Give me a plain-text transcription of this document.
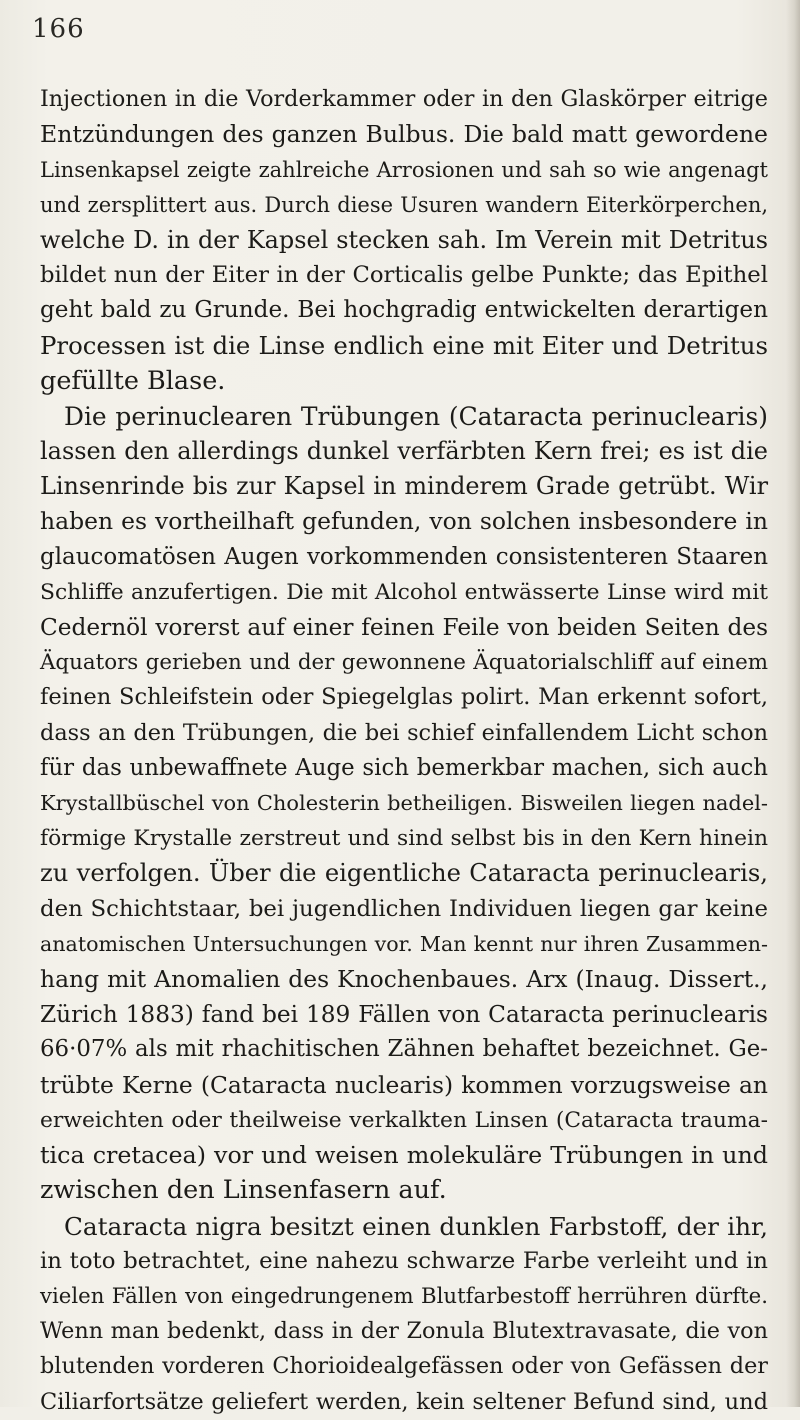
166
Injectionen in die Vorderkammer oder in den Glaskörper eitrige
Entzündungen des ganzen Bulbus. Die bald matt gewordene
Linsenkapsel zeigte zahlreiche Arrosionen und sah so wie angenagt
und zersplittert aus. Durch diese Usuren wandern Eiterkörperchen,
welche D. in der Kapsel stecken sah. Im Verein mit Detritus
bildet nun der Eiter in der Corticalis gelbe Punkte; das Epithel
geht bald zu Grunde. Bei hochgradig entwickelten derartigen
Processen ist die Linse endlich eine mit Eiter und Detritus
gefüllte Blase.
Die perinuclearen Trübungen (Cataracta perinuclearis)
lassen den allerdings dunkel verfärbten Kern frei; es ist die
Linsenrinde bis zur Kapsel in minderem Grade getrübt. Wir
haben es vortheilhaft gefunden, von solchen insbesondere in
glaucomatösen Augen vorkommenden consistenteren Staaren
Schliffe anzufertigen. Die mit Alcohol entwässerte Linse wird mit
Cedernöl vorerst auf einer feinen Feile von beiden Seiten des
Äquators gerieben und der gewonnene Äquatorialschliff auf einem
feinen Schleifstein oder Spiegelglas polirt. Man erkennt sofort,
dass an den Trübungen, die bei schief einfallendem Licht schon
für das unbewaffnete Auge sich bemerkbar machen, sich auch
Krystallbüschel von Cholesterin betheiligen. Bisweilen liegen nadel-
förmige Krystalle zerstreut und sind selbst bis in den Kern hinein
zu verfolgen. Über die eigentliche Cataracta perinuclearis,
den Schichtstaar, bei jugendlichen Individuen liegen gar keine
anatomischen Untersuchungen vor. Man kennt nur ihren Zusammen-
hang mit Anomalien des Knochenbaues. Arx (Inaug. Dissert.,
Zürich 1883) fand bei 189 Fällen von Cataracta perinuclearis
66·07% als mit rhachitischen Zähnen behaftet bezeichnet. Ge-
trübte Kerne (Cataracta nuclearis) kommen vorzugsweise an
erweichten oder theilweise verkalkten Linsen (Cataracta trauma-
tica cretacea) vor und weisen molekuläre Trübungen in und
zwischen den Linsenfasern auf.
Cataracta nigra besitzt einen dunklen Farbstoff, der ihr,
in toto betrachtet, eine nahezu schwarze Farbe verleiht und in
vielen Fällen von eingedrungenem Blutfarbestoff herrühren dürfte.
Wenn man bedenkt, dass in der Zonula Blutextravasate, die von
blutenden vorderen Chorioidealgefässen oder von Gefässen der
Ciliarfortsätze geliefert werden, kein seltener Befund sind, und
